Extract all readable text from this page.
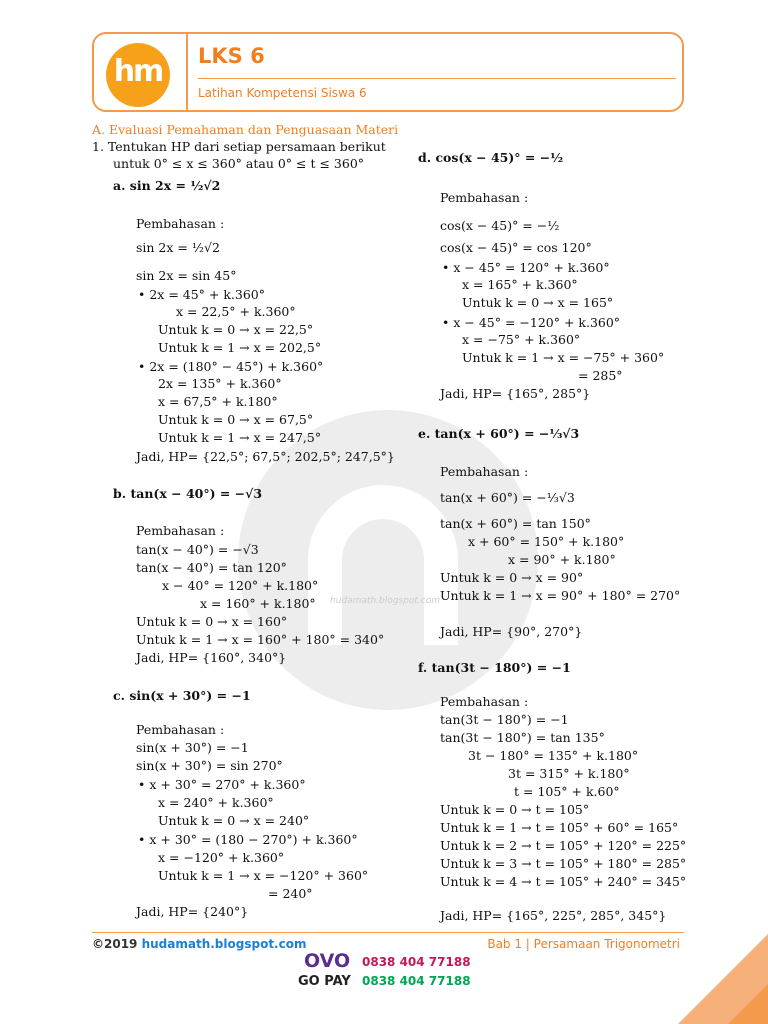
hm	LKS 6
Latihan Kompetensi Siswa 6
hudamath.blogspot.com
A. Evaluasi Pemahaman dan Penguasaan Materi
1. Tentukan HP dari setiap persamaan berikut
untuk 0° ≤ x ≤ 360° atau 0° ≤ t ≤ 360°
a. sin 2x = ½√2
Pembahasan :
sin 2x = ½√2
sin 2x = sin 45°
• 2x = 45° + k.360°
x = 22,5° + k.360°
Untuk k = 0 → x = 22,5°
Untuk k = 1 → x = 202,5°
• 2x = (180° − 45°) + k.360°
2x = 135° + k.360°
x = 67,5° + k.180°
Untuk k = 0 → x = 67,5°
Untuk k = 1 → x = 247,5°
Jadi, HP= {22,5°; 67,5°; 202,5°; 247,5°}
b. tan(x − 40°) = −√3
Pembahasan :
tan(x − 40°) = −√3
tan(x − 40°) = tan 120°
x − 40° = 120° + k.180°
x = 160° + k.180°
Untuk k = 0 → x = 160°
Untuk k = 1 → x = 160° + 180° = 340°
Jadi, HP= {160°, 340°}
c. sin(x + 30°) = −1
Pembahasan :
sin(x + 30°) = −1
sin(x + 30°) = sin 270°
• x + 30° = 270° + k.360°
x = 240° + k.360°
Untuk k = 0 → x = 240°
• x + 30° = (180 − 270°) + k.360°
x = −120° + k.360°
Untuk k = 1 → x = −120° + 360°
= 240°
Jadi, HP= {240°}
d. cos(x − 45)° = −½
Pembahasan :
cos(x − 45)° = −½
cos(x − 45)° = cos 120°
• x − 45° = 120° + k.360°
x = 165° + k.360°
Untuk k = 0 → x = 165°
• x − 45° = −120° + k.360°
x = −75° + k.360°
Untuk k = 1 → x = −75° + 360°
= 285°
Jadi, HP= {165°, 285°}
e. tan(x + 60°) = −⅓√3
Pembahasan :
tan(x + 60°) = −⅓√3
tan(x + 60°) = tan 150°
x + 60° = 150° + k.180°
x = 90° + k.180°
Untuk k = 0 → x = 90°
Untuk k = 1 → x = 90° + 180° = 270°
Jadi, HP= {90°, 270°}
f. tan(3t − 180°) = −1
Pembahasan :
tan(3t − 180°) = −1
tan(3t − 180°) = tan 135°
3t − 180° = 135° + k.180°
3t = 315° + k.180°
t = 105° + k.60°
Untuk k = 0 → t = 105°
Untuk k = 1 → t = 105° + 60° = 165°
Untuk k = 2 → t = 105° + 120° = 225°
Untuk k = 3 → t = 105° + 180° = 285°
Untuk k = 4 → t = 105° + 240° = 345°
Jadi, HP= {165°, 225°, 285°, 345°}
©2019 hudamath.blogspot.com	Bab 1 | Persamaan Trigonometri
OVO 0838 404 77188
GO PAY 0838 404 77188
